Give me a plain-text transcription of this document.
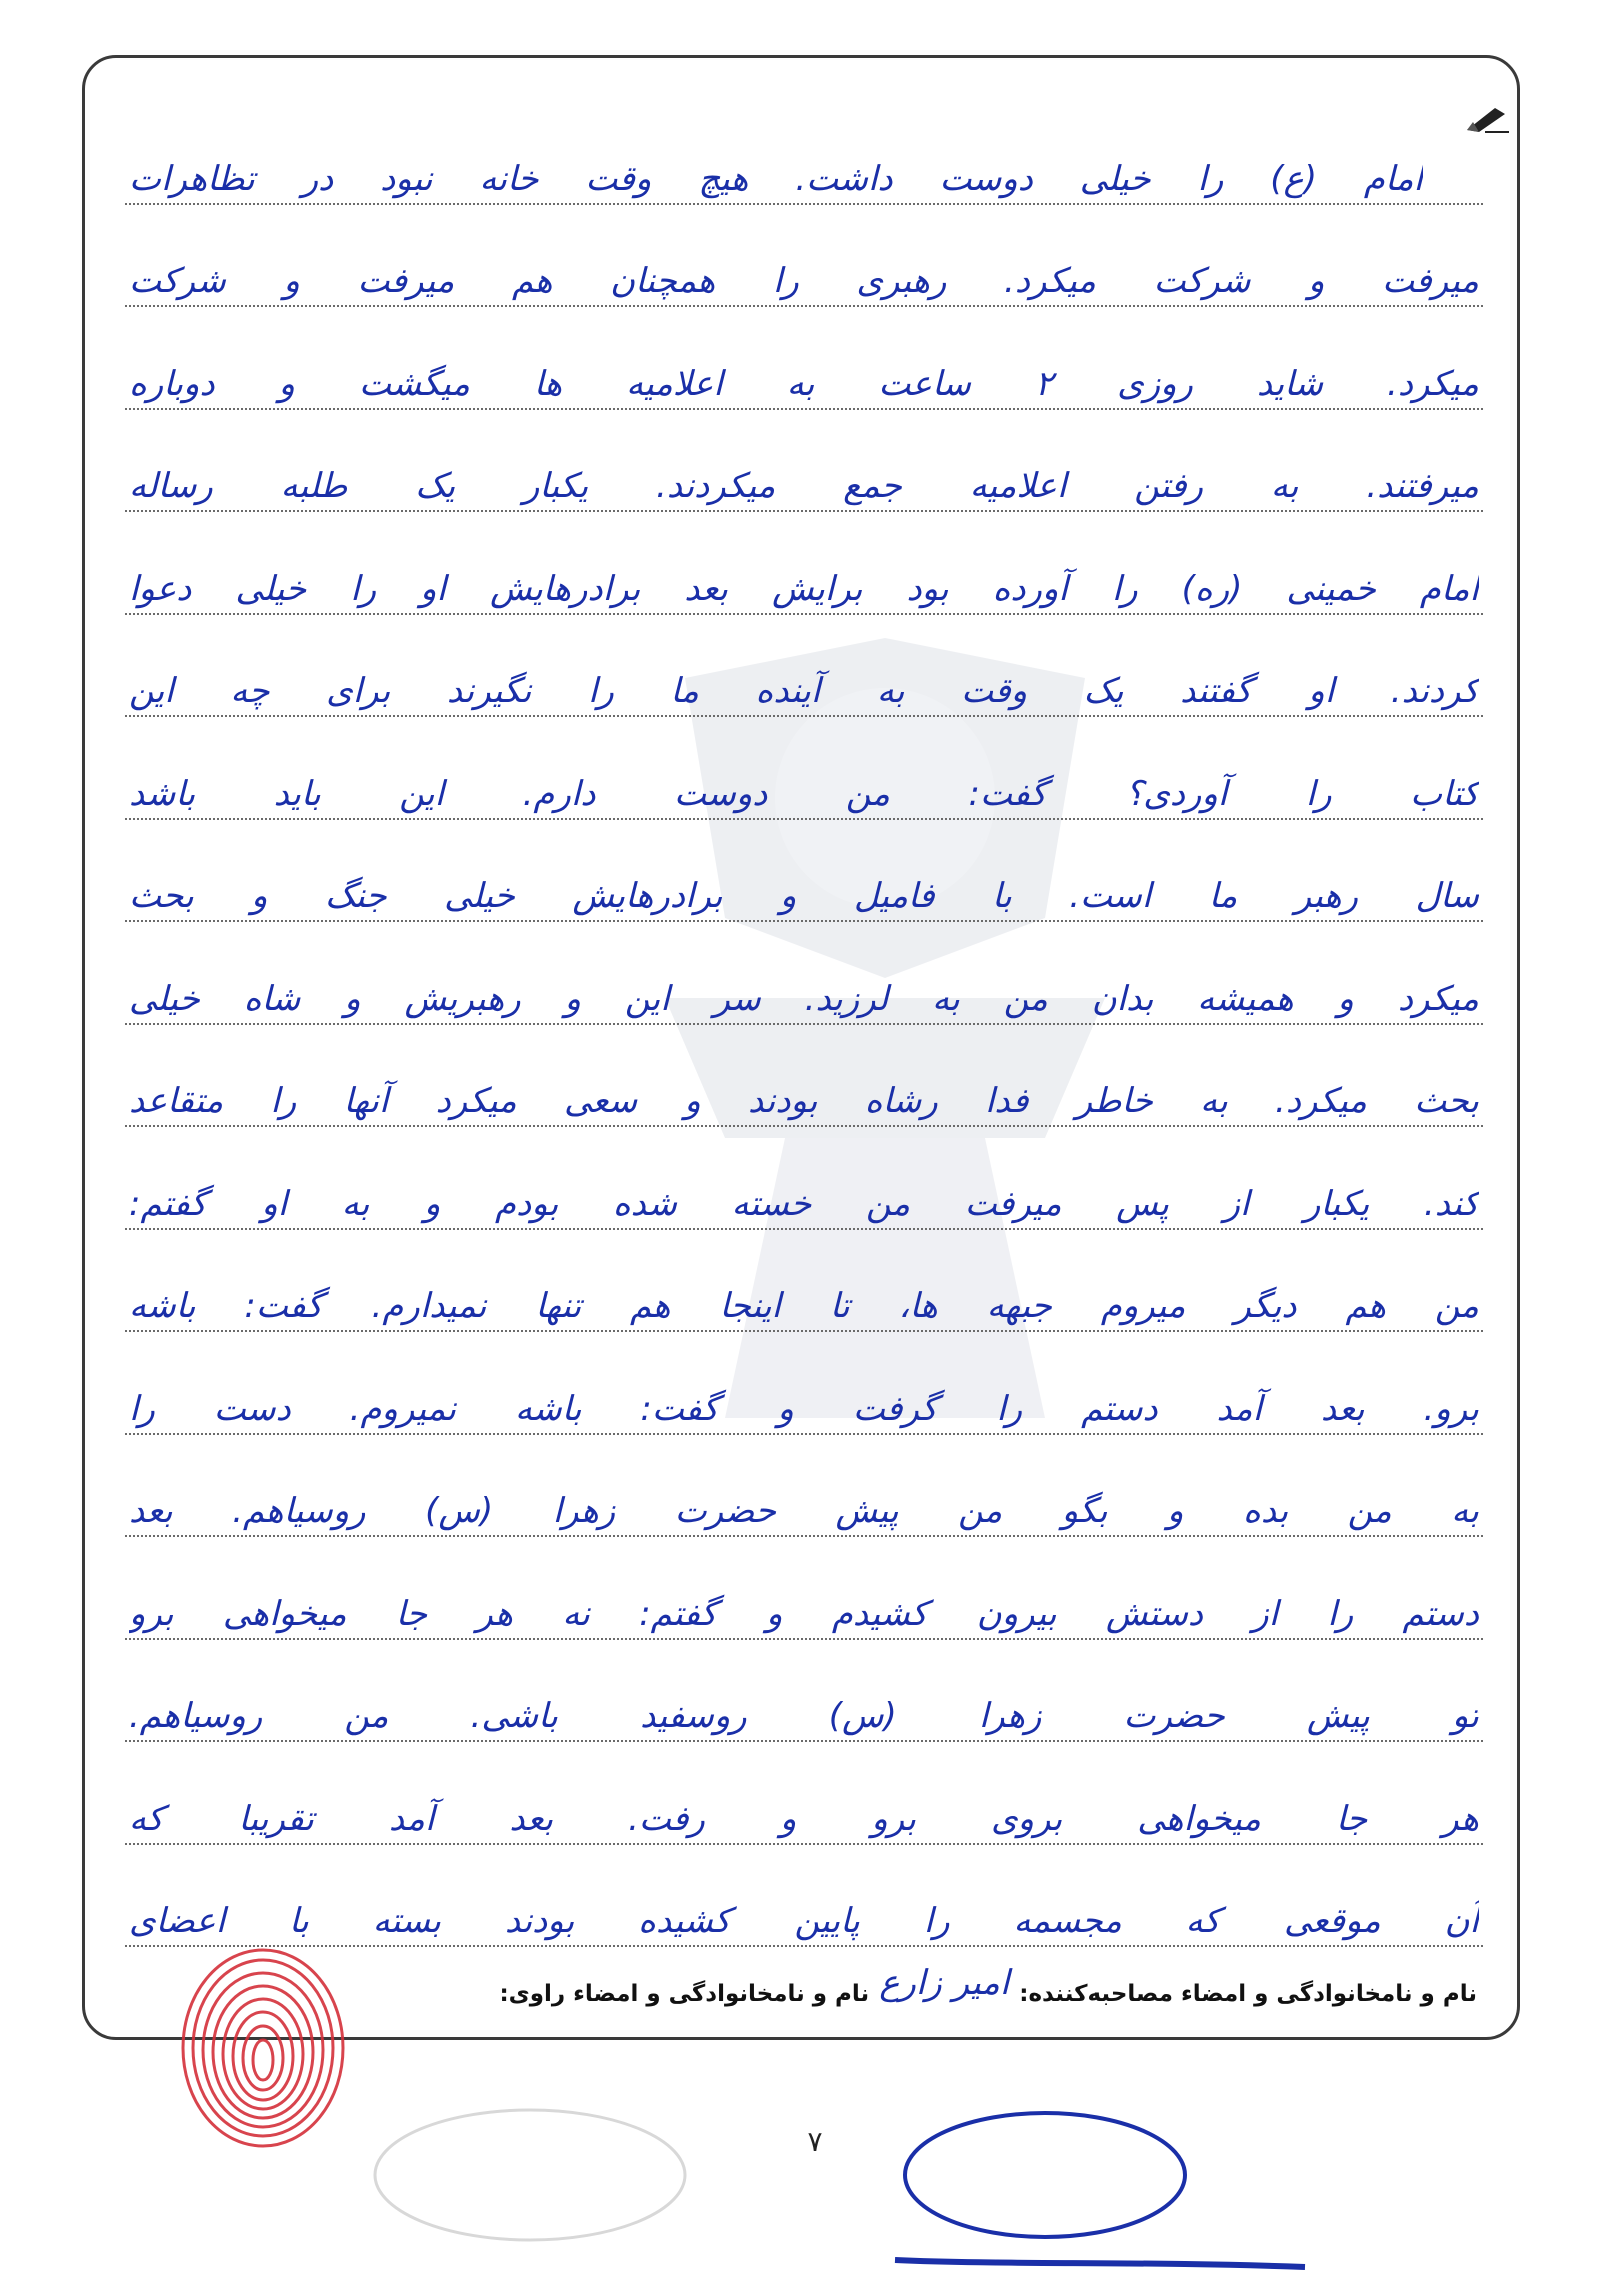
امام (ع) را خیلی دوست داشت. هیچ وقت خانه نبود در تظاهرات
میرفت و شرکت میکرد. رهبری را همچنان هم میرفت و شرکت
میکرد. شاید روزی ۲ ساعت به اعلامیه ها میگشت و دوباره
میرفتند. به رفتن اعلامیه جمع میکردند. یکبار یک طلبه رساله
امام خمینی (ره) را آورده بود برایش بعد برادرهایش او را خیلی دعوا
کردند. او گفتند یک وقت به آینده ما را نگیرند برای چه این
کتاب را آوردی؟ گفت: من دوست دارم. این باید باشد
سال رهبر ما است. با فامیل و برادرهایش خیلی جنگ و بحث
میکرد و همیشه بدان من به لرزید. سر این و رهبریش و شاه خیلی
بحث میکرد. به خاطر فدا رشاه بودند و سعی میکرد آنها را متقاعد
کند. یکبار از پس میرفت من خسته شده بودم و به او گفتم:
من هم دیگر میروم جبهه ها، تا اینجا هم تنها نمیدارم. گفت: باشه
برو. بعد آمد دستم را گرفت و گفت: باشه نمیروم. دست را
به من بده و بگو من پیش حضرت زهرا (س) روسیاهم. بعد
دستم را از دستش بیرون کشیدم و گفتم: نه هر جا میخواهی برو
تو پیش حضرت زهرا (س) روسفید باشی. من روسیاهم.
هر جا میخواهی بروی برو و رفت. بعد آمد تقریبا که
آن موقعی که مجسمه را پایین کشیده بودند بسته با اعضای
نام و نامخانوادگی و امضاء مصاحبه‌کننده:
امیر زارع
نام و نامخانوادگی و امضاء راوی:
۷
